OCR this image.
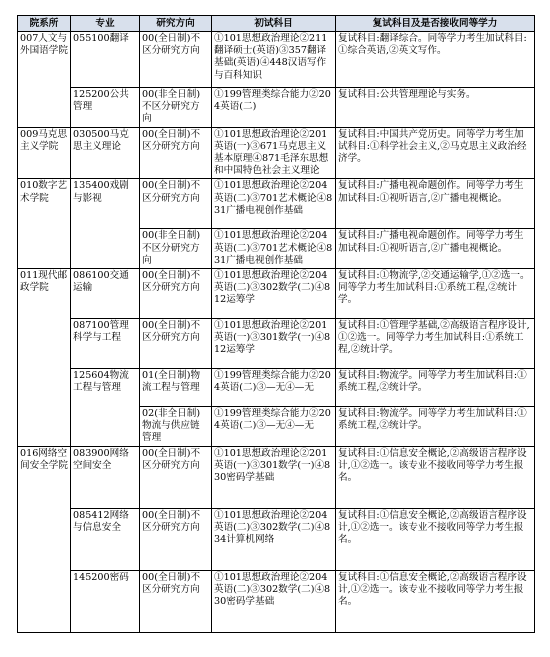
院系所	专业	研究方向	初试科目	复试科目及是否接收同等学力
007人文与外国语学院	055100翻译	00(全日制)不区分研究方向	①101思想政治理论②211翻译硕士(英语)③357翻译基础(英语)④448汉语写作与百科知识	复试科目:翻译综合。同等学力考生加试科目:①综合英语,②英文写作。
	125200公共管理	00(非全日制)不区分研究方向	①199管理类综合能力②204英语(二)	复试科目:公共管理理论与实务。
009马克思主义学院	030500马克思主义理论	00(全日制)不区分研究方向	①101思想政治理论②201英语(一)③671马克思主义基本原理④871毛泽东思想和中国特色社会主义理论	复试科目:中国共产党历史。同等学力考生加试科目:①科学社会主义,②马克思主义政治经济学。
010数字艺术学院	135400戏剧与影视	00(全日制)不区分研究方向	①101思想政治理论②204英语(二)③701艺术概论④831广播电视创作基础	复试科目:广播电视命题创作。同等学力考生加试科目:①视听语言,②广播电视概论。
		00(非全日制)不区分研究方向	①101思想政治理论②204英语(二)③701艺术概论④831广播电视创作基础	复试科目:广播电视命题创作。同等学力考生加试科目:①视听语言,②广播电视概论。
011现代邮政学院	086100交通运输	00(全日制)不区分研究方向	①101思想政治理论②204英语(二)③302数学(二)④812运筹学	复试科目:①物流学,②交通运输学,①②选一。同等学力考生加试科目:①系统工程,②统计学。
	087100管理科学与工程	00(全日制)不区分研究方向	①101思想政治理论②201英语(一)③301数学(一)④812运筹学	复试科目:①管理学基础,②高级语言程序设计,①②选一。同等学力考生加试科目:①系统工程,②统计学。
	125604物流工程与管理	01(全日制)物流工程与管理	①199管理类综合能力②204英语(二)③—无④—无	复试科目:物流学。同等学力考生加试科目:①系统工程,②统计学。
		02(非全日制)物流与供应链管理	①199管理类综合能力②204英语(二)③—无④—无	复试科目:物流学。同等学力考生加试科目:①系统工程,②统计学。
016网络空间安全学院	083900网络空间安全	00(全日制)不区分研究方向	①101思想政治理论②201英语(一)③301数学(一)④830密码学基础	复试科目:①信息安全概论,②高级语言程序设计,①②选一。该专业不接收同等学力考生报名。
	085412网络与信息安全	00(全日制)不区分研究方向	①101思想政治理论②204英语(二)③302数学(二)④834计算机网络	复试科目:①信息安全概论,②高级语言程序设计,①②选一。该专业不接收同等学力考生报名。
	145200密码	00(全日制)不区分研究方向	①101思想政治理论②204英语(二)③302数学(二)④830密码学基础	复试科目:①信息安全概论,②高级语言程序设计,①②选一。该专业不接收同等学力考生报名。
